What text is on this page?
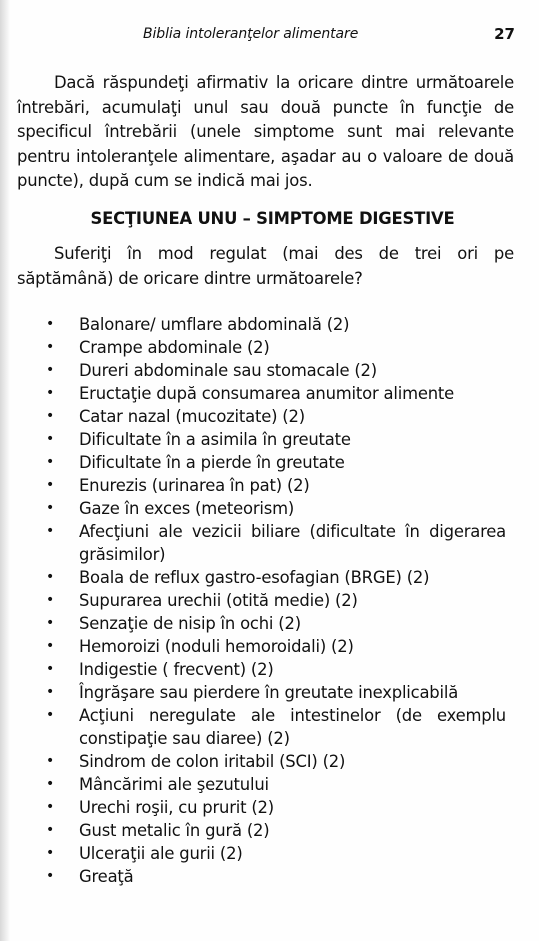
Biblia intoleranţelor alimentare	27

Dacă răspundeţi afirmativ la oricare dintre următoarele întrebări, acumulaţi unul sau două puncte în funcţie de specificul întrebării (unele simptome sunt mai relevante pentru intoleranţele alimentare, aşadar au o valoare de două puncte), după cum se indică mai jos.

SECŢIUNEA UNU – SIMPTOME DIGESTIVE

Suferiţi în mod regulat (mai des de trei ori pe săptămână) de oricare dintre următoarele?

• Balonare/ umflare abdominală (2)
• Crampe abdominale (2)
• Dureri abdominale sau stomacale (2)
• Eructaţie după consumarea anumitor alimente
• Catar nazal (mucozitate) (2)
• Dificultate în a asimila în greutate
• Dificultate în a pierde în greutate
• Enurezis (urinarea în pat) (2)
• Gaze în exces (meteorism)
• Afecţiuni ale vezicii biliare (dificultate în digerarea grăsimilor)
• Boala de reflux gastro-esofagian (BRGE) (2)
• Supurarea urechii (otită medie) (2)
• Senzaţie de nisip în ochi (2)
• Hemoroizi (noduli hemoroidali) (2)
• Indigestie ( frecvent) (2)
• Îngrăşare sau pierdere în greutate inexplicabilă
• Acţiuni neregulate ale intestinelor (de exemplu constipaţie sau diaree) (2)
• Sindrom de colon iritabil (SCI) (2)
• Mâncărimi ale şezutului
• Urechi roşii, cu prurit (2)
• Gust metalic în gură (2)
• Ulceraţii ale gurii (2)
• Greaţă
